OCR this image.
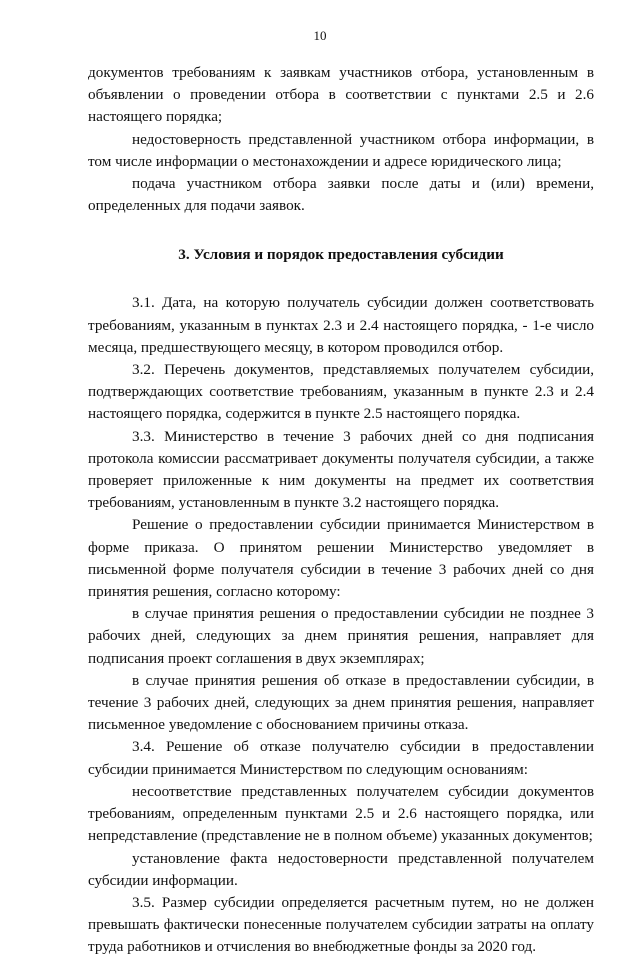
10

документов требованиям к заявкам участников отбора, установленным в объявлении о проведении отбора в соответствии с пунктами 2.5 и 2.6 настоящего порядка;

недостоверность представленной участником отбора информации, в том числе информации о местонахождении и адресе юридического лица;

подача участником отбора заявки после даты и (или) времени, определенных для подачи заявок.

3. Условия и порядок предоставления субсидии

3.1. Дата, на которую получатель субсидии должен соответствовать требованиям, указанным в пунктах 2.3 и 2.4 настоящего порядка, - 1-е число месяца, предшествующего месяцу, в котором проводился отбор.

3.2. Перечень документов, представляемых получателем субсидии, подтверждающих соответствие требованиям, указанным в пункте 2.3 и 2.4 настоящего порядка, содержится в пункте 2.5 настоящего порядка.

3.3. Министерство в течение 3 рабочих дней со дня подписания протокола комиссии рассматривает документы получателя субсидии, а также проверяет приложенные к ним документы на предмет их соответствия требованиям, установленным в пункте 3.2 настоящего порядка.

Решение о предоставлении субсидии принимается Министерством в форме приказа. О принятом решении Министерство уведомляет в письменной форме получателя субсидии в течение 3 рабочих дней со дня принятия решения, согласно которому:

в случае принятия решения о предоставлении субсидии не позднее 3 рабочих дней, следующих за днем принятия решения, направляет для подписания проект соглашения в двух экземплярах;

в случае принятия решения об отказе в предоставлении субсидии, в течение 3 рабочих дней, следующих за днем принятия решения, направляет письменное уведомление с обоснованием причины отказа.

3.4. Решение об отказе получателю субсидии в предоставлении субсидии принимается Министерством по следующим основаниям:

несоответствие представленных получателем субсидии документов требованиям, определенным пунктами 2.5 и 2.6 настоящего порядка, или непредставление (представление не в полном объеме) указанных документов;

установление факта недостоверности представленной получателем субсидии информации.

3.5. Размер субсидии определяется расчетным путем, но не должен превышать фактически понесенные получателем субсидии затраты на оплату труда работников и отчисления во внебюджетные фонды за 2020 год.
